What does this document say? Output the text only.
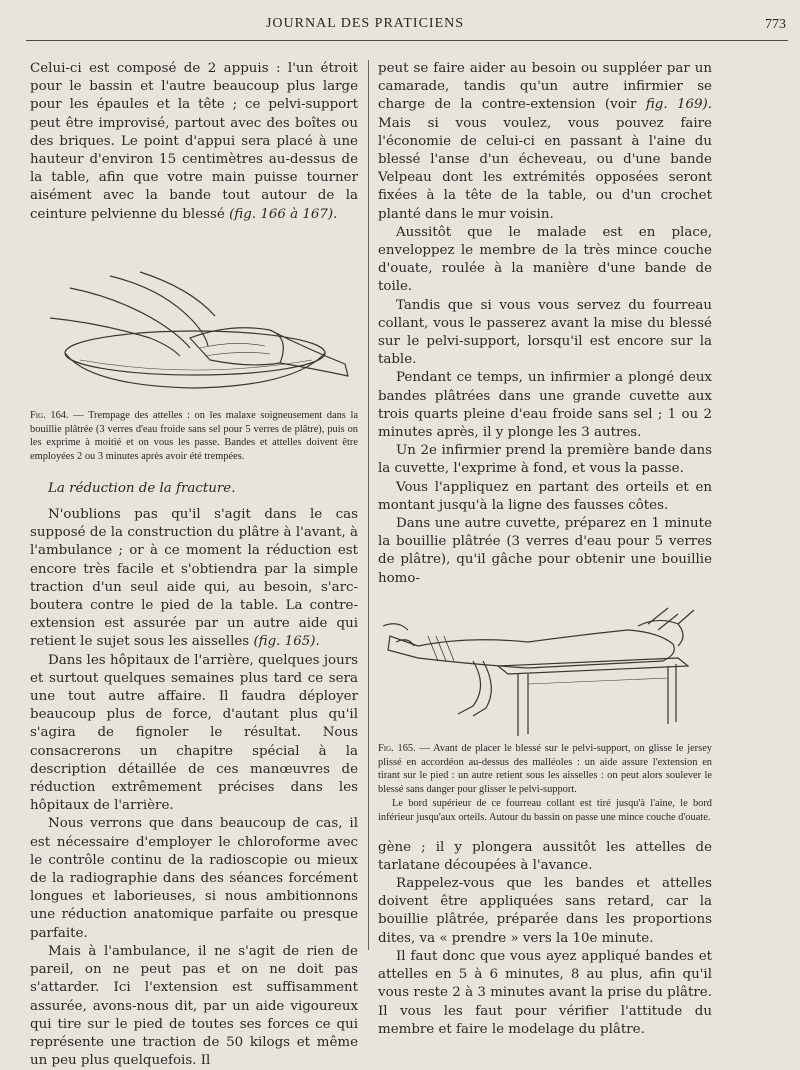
JOURNAL DES PRATICIENS	773

Celui-ci est composé de 2 appuis : l'un étroit pour le bassin et l'autre beaucoup plus large pour les épaules et la tête ; ce pelvi-support peut être improvisé, partout avec des boîtes ou des briques. Le point d'appui sera placé à une hauteur d'environ 15 centimètres au-dessus de la table, afin que votre main puisse tourner aisément avec la bande tout autour de la ceinture pelvienne du blessé (fig. 166 à 167).

Fig. 164. — Trempage des attelles : on les malaxe soigneusement dans la bouillie plâtrée (3 verres d'eau froide sans sel pour 5 verres de plâtre), puis on les exprime à moitié et on vous les passe. Bandes et attelles doivent être employées 2 ou 3 minutes après avoir été trempées.

La réduction de la fracture.

N'oublions pas qu'il s'agit dans le cas supposé de la construction du plâtre à l'avant, à l'ambulance ; or à ce moment la réduction est encore très facile et s'obtiendra par la simple traction d'un seul aide qui, au besoin, s'arc-boutera contre le pied de la table. La contre-extension est assurée par un autre aide qui retient le sujet sous les aisselles (fig. 165).

Dans les hôpitaux de l'arrière, quelques jours et surtout quelques semaines plus tard ce sera une tout autre affaire. Il faudra déployer beaucoup plus de force, d'autant plus qu'il s'agira de fignoler le résultat. Nous consacrerons un chapitre spécial à la description détaillée de ces manœuvres de réduction extrêmement précises dans les hôpitaux de l'arrière.

Nous verrons que dans beaucoup de cas, il est nécessaire d'employer le chloroforme avec le contrôle continu de la radioscopie ou mieux de la radiographie dans des séances forcément longues et laborieuses, si nous ambitionnons une réduction anatomique parfaite ou presque parfaite.

Mais à l'ambulance, il ne s'agit de rien de pareil, on ne peut pas et on ne doit pas s'attarder. Ici l'extension est suffisamment assurée, avons-nous dit, par un aide vigoureux qui tire sur le pied de toutes ses forces ce qui représente une traction de 50 kilogs et même un peu plus quelquefois. Il

peut se faire aider au besoin ou suppléer par un camarade, tandis qu'un autre infirmier se charge de la contre-extension (voir fig. 169). Mais si vous voulez, vous pouvez faire l'économie de celui-ci en passant à l'aine du blessé l'anse d'un écheveau, ou d'une bande Velpeau dont les extrémités opposées seront fixées à la tête de la table, ou d'un crochet planté dans le mur voisin.

Aussitôt que le malade est en place, enveloppez le membre de la très mince couche d'ouate, roulée à la manière d'une bande de toile.

Tandis que si vous vous servez du fourreau collant, vous le passerez avant la mise du blessé sur le pelvi-support, lorsqu'il est encore sur la table.

Pendant ce temps, un infirmier a plongé deux bandes plâtrées dans une grande cuvette aux trois quarts pleine d'eau froide sans sel ; 1 ou 2 minutes après, il y plonge les 3 autres.

Un 2e infirmier prend la première bande dans la cuvette, l'exprime à fond, et vous la passe.

Vous l'appliquez en partant des orteils et en montant jusqu'à la ligne des fausses côtes.

Dans une autre cuvette, préparez en 1 minute la bouillie plâtrée (3 verres d'eau pour 5 verres de plâtre), qu'il gâche pour obtenir une bouillie homo-

Fig. 165. — Avant de placer le blessé sur le pelvi-support, on glisse le jersey plissé en accordéon au-dessus des malléoles : un aide assure l'extension en tirant sur le pied : un autre retient sous les aisselles : on peut alors soulever le blessé sans danger pour glisser le pelvi-support.

Le bord supérieur de ce fourreau collant est tiré jusqu'à l'aine, le bord inférieur jusqu'aux orteils. Autour du bassin on passe une mince couche d'ouate.

gène ; il y plongera aussitôt les attelles de tarlatane découpées à l'avance.

Rappelez-vous que les bandes et attelles doivent être appliquées sans retard, car la bouillie plâtrée, préparée dans les proportions dites, va « prendre » vers la 10e minute.

Il faut donc que vous ayez appliqué bandes et attelles en 5 à 6 minutes, 8 au plus, afin qu'il vous reste 2 à 3 minutes avant la prise du plâtre. Il vous les faut pour vérifier l'attitude du membre et faire le modelage du plâtre.
